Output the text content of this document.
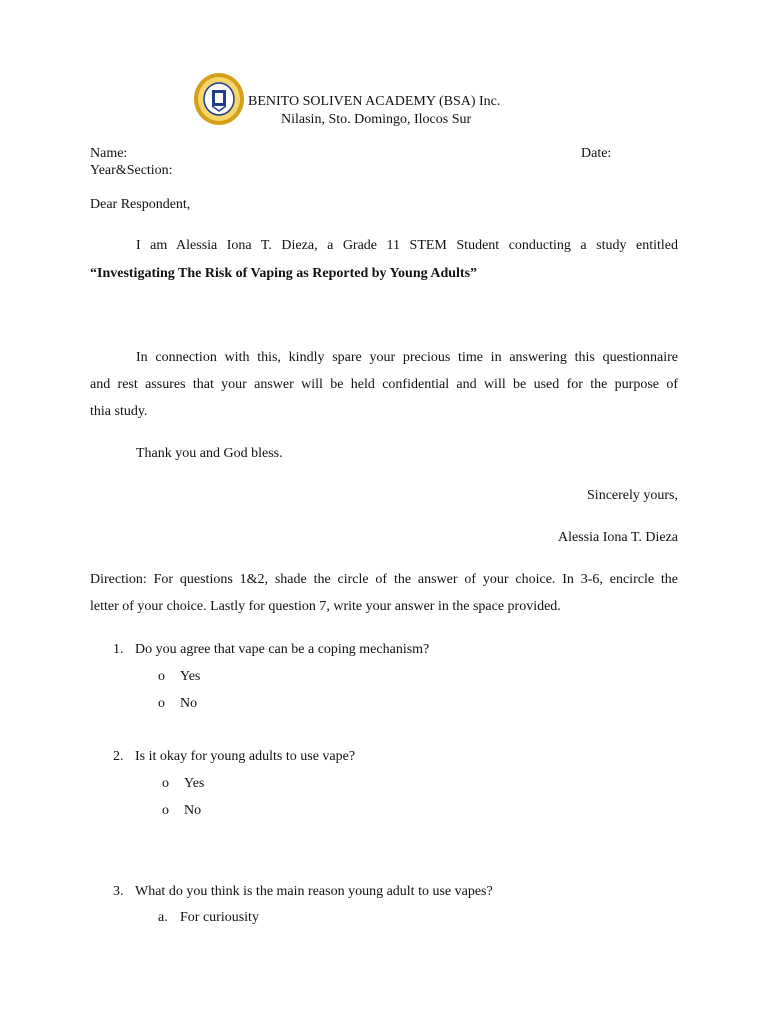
BENITO SOLIVEN ACADEMY (BSA) Inc.
Nilasin, Sto. Domingo, Ilocos Sur
Name:	Date:
Year&Section:
Dear Respondent,
I am Alessia Iona T. Dieza, a Grade 11 STEM Student conducting a study entitled
“Investigating The Risk of Vaping as Reported by Young Adults”
In connection with this, kindly spare your precious time in answering this questionnaire
and rest assures that your answer will be held confidential and will be used for the purpose of
thia study.
Thank you and God bless.
Sincerely yours,
Alessia Iona T. Dieza
Direction: For questions 1&2, shade the circle of the answer of your choice. In 3-6, encircle the
letter of your choice. Lastly for question 7, write your answer in the space provided.
1. Do you agree that vape can be a coping mechanism?
o Yes
o No
2. Is it okay for young adults to use vape?
o Yes
o No
3. What do you think is the main reason young adult to use vapes?
a. For curiousity
